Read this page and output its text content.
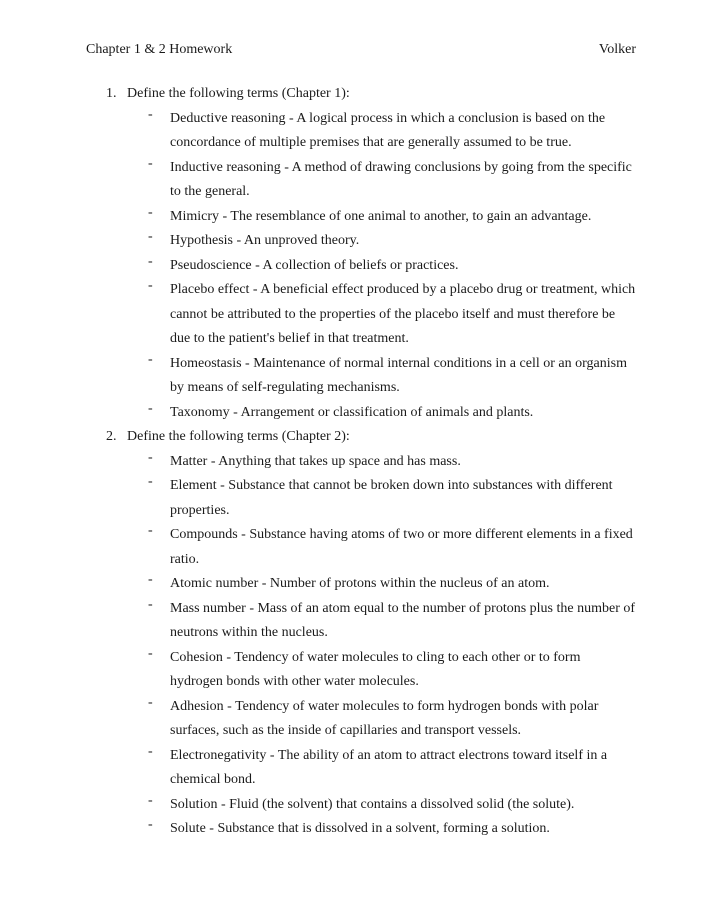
Chapter 1 & 2 Homework	Volker
1. Define the following terms (Chapter 1):
- Deductive reasoning - A logical process in which a conclusion is based on the concordance of multiple premises that are generally assumed to be true.
- Inductive reasoning - A method of drawing conclusions by going from the specific to the general.
- Mimicry - The resemblance of one animal to another, to gain an advantage.
- Hypothesis - An unproved theory.
- Pseudoscience - A collection of beliefs or practices.
- Placebo effect - A beneficial effect produced by a placebo drug or treatment, which cannot be attributed to the properties of the placebo itself and must therefore be due to the patient's belief in that treatment.
- Homeostasis - Maintenance of normal internal conditions in a cell or an organism by means of self-regulating mechanisms.
- Taxonomy - Arrangement or classification of animals and plants.
2. Define the following terms (Chapter 2):
- Matter - Anything that takes up space and has mass.
- Element - Substance that cannot be broken down into substances with different properties.
- Compounds - Substance having atoms of two or more different elements in a fixed ratio.
- Atomic number - Number of protons within the nucleus of an atom.
- Mass number - Mass of an atom equal to the number of protons plus the number of neutrons within the nucleus.
- Cohesion - Tendency of water molecules to cling to each other or to form hydrogen bonds with other water molecules.
- Adhesion - Tendency of water molecules to form hydrogen bonds with polar surfaces, such as the inside of capillaries and transport vessels.
- Electronegativity - The ability of an atom to attract electrons toward itself in a chemical bond.
- Solution - Fluid (the solvent) that contains a dissolved solid (the solute).
- Solute - Substance that is dissolved in a solvent, forming a solution.
